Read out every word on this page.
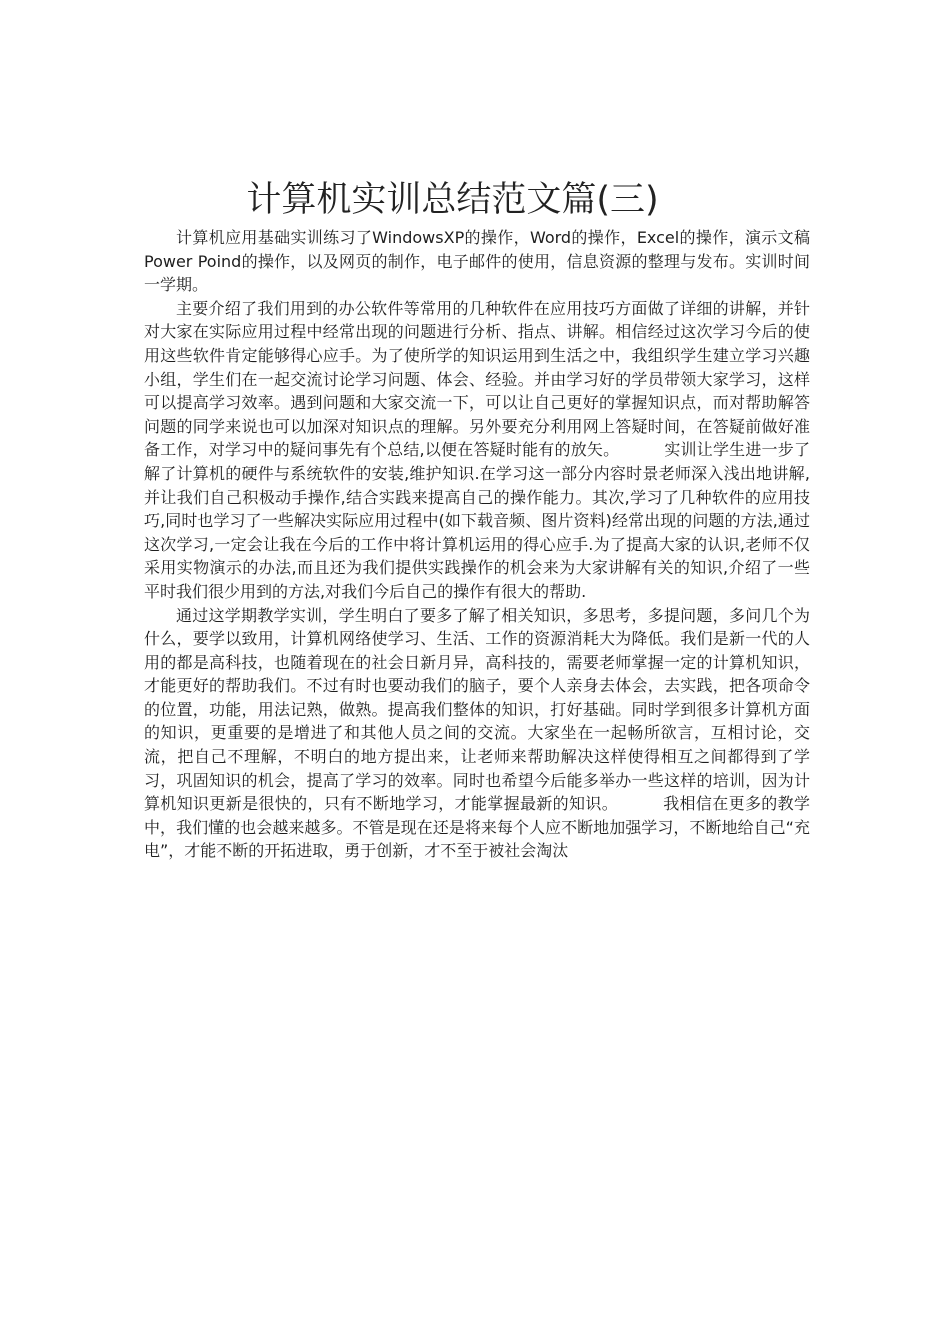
计算机实训总结范文篇(三)

计算机应用基础实训练习了WindowsXP的操作，Word的操作，Excel的操作，演示文稿Power Poind的操作，以及网页的制作，电子邮件的使用，信息资源的整理与发布。实训时间一学期。

主要介绍了我们用到的办公软件等常用的几种软件在应用技巧方面做了详细的讲解，并针对大家在实际应用过程中经常出现的问题进行分析、指点、讲解。相信经过这次学习今后的使用这些软件肯定能够得心应手。为了使所学的知识运用到生活之中，我组织学生建立学习兴趣小组，学生们在一起交流讨论学习问题、体会、经验。并由学习好的学员带领大家学习，这样可以提高学习效率。遇到问题和大家交流一下，可以让自己更好的掌握知识点，而对帮助解答问题的同学来说也可以加深对知识点的理解。另外要充分利用网上答疑时间，在答疑前做好准备工作，对学习中的疑问事先有个总结,以便在答疑时能有的放矢。	实训让学生进一步了解了计算机的硬件与系统软件的安装,维护知识.在学习这一部分内容时景老师深入浅出地讲解,并让我们自己积极动手操作,结合实践来提高自己的操作能力。其次,学习了几种软件的应用技巧,同时也学习了一些解决实际应用过程中(如下载音频、图片资料)经常出现的问题的方法,通过这次学习,一定会让我在今后的工作中将计算机运用的得心应手.为了提高大家的认识,老师不仅采用实物演示的办法,而且还为我们提供实践操作的机会来为大家讲解有关的知识,介绍了一些平时我们很少用到的方法,对我们今后自己的操作有很大的帮助.

通过这学期教学实训，学生明白了要多了解了相关知识，多思考，多提问题，多问几个为什么，要学以致用，计算机网络使学习、生活、工作的资源消耗大为降低。我们是新一代的人用的都是高科技，也随着现在的社会日新月异，高科技的，需要老师掌握一定的计算机知识，才能更好的帮助我们。不过有时也要动我们的脑子，要个人亲身去体会，去实践，把各项命令的位置，功能，用法记熟，做熟。提高我们整体的知识，打好基础。同时学到很多计算机方面的知识，更重要的是增进了和其他人员之间的交流。大家坐在一起畅所欲言，互相讨论，交流，把自己不理解，不明白的地方提出来，让老师来帮助解决这样使得相互之间都得到了学习，巩固知识的机会，提高了学习的效率。同时也希望今后能多举办一些这样的培训，因为计算机知识更新是很快的，只有不断地学习，才能掌握最新的知识。	我相信在更多的教学中，我们懂的也会越来越多。不管是现在还是将来每个人应不断地加强学习，不断地给自己“充电”，才能不断的开拓进取，勇于创新，才不至于被社会淘汰
